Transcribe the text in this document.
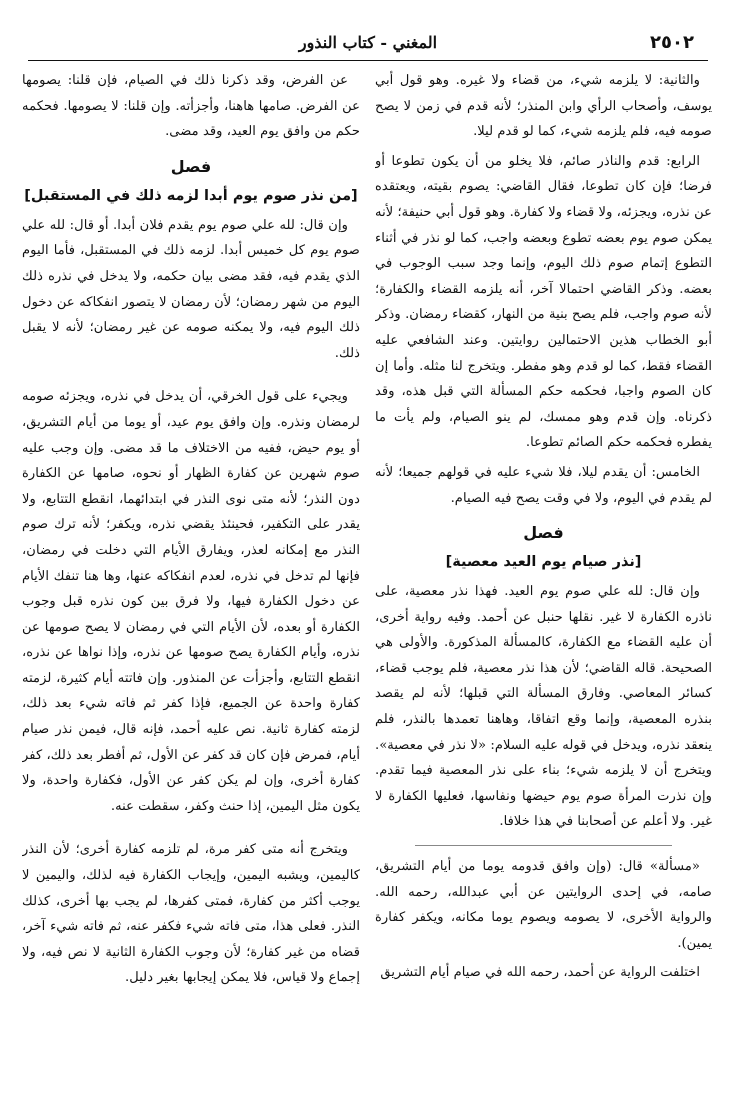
٢٥٠٢
المغني - كتاب النذور

والثانية: لا يلزمه شيء، من قضاء ولا غيره. وهو قول أبي يوسف، وأصحاب الرأي وابن المنذر؛ لأنه قدم في زمن لا يصح صومه فيه، فلم يلزمه شيء، كما لو قدم ليلا.

الرابع: قدم والناذر صائم، فلا يخلو من أن يكون تطوعا أو فرضا؛ فإن كان تطوعا، فقال القاضي: يصوم بقيته، ويعتقده عن نذره، ويجزئه، ولا قضاء ولا كفارة. وهو قول أبي حنيفة؛ لأنه يمكن صوم يوم بعضه تطوع وبعضه واجب، كما لو نذر في أثناء التطوع إتمام صوم ذلك اليوم، وإنما وجد سبب الوجوب في بعضه. وذكر القاضي احتمالا آخر، أنه يلزمه القضاء والكفارة؛ لأنه صوم واجب، فلم يصح بنية من النهار، كقضاء رمضان. وذكر أبو الخطاب هذين الاحتمالين روايتين. وعند الشافعي عليه القضاء فقط، كما لو قدم وهو مفطر. ويتخرج لنا مثله. وأما إن كان الصوم واجبا، فحكمه حكم المسألة التي قبل هذه، وقد ذكرناه. وإن قدم وهو ممسك، لم ينو الصيام، ولم يأت ما يفطره فحكمه حكم الصائم تطوعا.

الخامس: أن يقدم ليلا، فلا شيء عليه في قولهم جميعا؛ لأنه لم يقدم في اليوم، ولا في وقت يصح فيه الصيام.

فصل
[نذر صيام يوم العيد معصية]

وإن قال: لله علي صوم يوم العيد. فهذا نذر معصية، على ناذره الكفارة لا غير. نقلها حنبل عن أحمد. وفيه رواية أخرى، أن عليه القضاء مع الكفارة، كالمسألة المذكورة. والأولى هي الصحيحة. قاله القاضي؛ لأن هذا نذر معصية، فلم يوجب قضاء، كسائر المعاصي. وفارق المسألة التي قبلها؛ لأنه لم يقصد بنذره المعصية، وإنما وقع اتفاقا، وهاهنا تعمدها بالنذر، فلم ينعقد نذره، ويدخل في قوله عليه السلام: «لا نذر في معصية». ويتخرج أن لا يلزمه شيء؛ بناء على نذر المعصية فيما تقدم. وإن نذرت المرأة صوم يوم حيضها ونفاسها، فعليها الكفارة لا غير. ولا أعلم عن أصحابنا في هذا خلافا.

«مسألة» قال: (وإن وافق قدومه يوما من أيام التشريق، صامه، في إحدى الروايتين عن أبي عبدالله، رحمه الله. والرواية الأخرى، لا يصومه ويصوم يوما مكانه، ويكفر كفارة يمين).

اختلفت الرواية عن أحمد، رحمه الله في صيام أيام التشريق

عن الفرض، وقد ذكرنا ذلك في الصيام، فإن قلنا: يصومها عن الفرض. صامها هاهنا، وأجزأته. وإن قلنا: لا يصومها. فحكمه حكم من وافق يوم العيد، وقد مضى.

فصل
[من نذر صوم يوم أبدا لزمه ذلك في المستقبل]

وإن قال: لله علي صوم يوم يقدم فلان أبدا. أو قال: لله علي صوم يوم كل خميس أبدا. لزمه ذلك في المستقبل، فأما اليوم الذي يقدم فيه، فقد مضى بيان حكمه، ولا يدخل في نذره ذلك اليوم من شهر رمضان؛ لأن رمضان لا يتصور انفكاكه عن دخول ذلك اليوم فيه، ولا يمكنه صومه عن غير رمضان؛ لأنه لا يقبل ذلك.

ويجيء على قول الخرقي، أن يدخل في نذره، ويجزئه صومه لرمضان ونذره. وإن وافق يوم عيد، أو يوما من أيام التشريق، أو يوم حيض، ففيه من الاختلاف ما قد مضى. وإن وجب عليه صوم شهرين عن كفارة الظهار أو نحوه، صامها عن الكفارة دون النذر؛ لأنه متى نوى النذر في ابتدائهما، انقطع التتابع، ولا يقدر على التكفير، فحينئذ يقضي نذره، ويكفر؛ لأنه ترك صوم النذر مع إمكانه لعذر، ويفارق الأيام التي دخلت في رمضان، فإنها لم تدخل في نذره، لعدم انفكاكه عنها، وها هنا تنفك الأيام عن دخول الكفارة فيها، ولا فرق بين كون نذره قبل وجوب الكفارة أو بعده، لأن الأيام التي في رمضان لا يصح صومها عن نذره، وأيام الكفارة يصح صومها عن نذره، وإذا نواها عن نذره، انقطع التتابع، وأجزأت عن المنذور. وإن فاتته أيام كثيرة، لزمته كفارة واحدة عن الجميع، فإذا كفر ثم فاته شيء بعد ذلك، لزمته كفارة ثانية. نص عليه أحمد، فإنه قال، فيمن نذر صيام أيام، فمرض فإن كان قد كفر عن الأول، ثم أفطر بعد ذلك، كفر كفارة أخرى، وإن لم يكن كفر عن الأول، فكفارة واحدة، ولا يكون مثل اليمين، إذا حنث وكفر، سقطت عنه.

ويتخرج أنه متى كفر مرة، لم تلزمه كفارة أخرى؛ لأن النذر كاليمين، ويشبه اليمين، وإيجاب الكفارة فيه لذلك، واليمين لا يوجب أكثر من كفارة، فمتى كفرها، لم يجب بها أخرى، كذلك النذر. فعلى هذا، متى فاته شيء فكفر عنه، ثم فاته شيء آخر، قضاه من غير كفارة؛ لأن وجوب الكفارة الثانية لا نص فيه، ولا إجماع ولا قياس، فلا يمكن إيجابها بغير دليل.
